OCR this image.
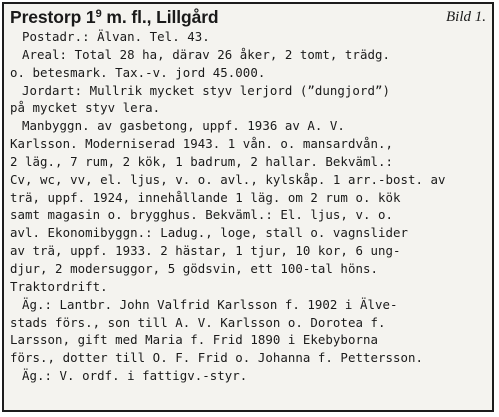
Prestorp $1^9$ m. fl., Lillgård	Bild 1.
Postadr.: Älvan. Tel. 43.
Areal: Total 28 ha, därav 26 åker, 2 tomt, trädg.
o. betesmark. Tax.-v. jord 45.000.
Jordart: Mullrik mycket styv lerjord (”dungjord”)
på mycket styv lera.
Manbyggn. av gasbetong, uppf. 1936 av A. V.
Karlsson. Moderniserad 1943. 1 vån. o. mansardvån.,
2 läg., 7 rum, 2 kök, 1 badrum, 2 hallar. Bekväml.:
Cv, wc, vv, el. ljus, v. o. avl., kylskåp. 1 arr.-bost. av
trä, uppf. 1924, innehållande 1 läg. om 2 rum o. kök
samt magasin o. brygghus. Bekväml.: El. ljus, v. o.
avl. Ekonomibyggn.: Ladug., loge, stall o. vagnslider
av trä, uppf. 1933. 2 hästar, 1 tjur, 10 kor, 6 ung-
djur, 2 modersuggor, 5 gödsvin, ett 100-tal höns.
Traktordrift.
Äg.: Lantbr. John Valfrid Karlsson f. 1902 i Älve-
stads förs., son till A. V. Karlsson o. Dorotea f.
Larsson, gift med Maria f. Frid 1890 i Ekebyborna
förs., dotter till O. F. Frid o. Johanna f. Pettersson.
Äg.: V. ordf. i fattigv.-styr.
